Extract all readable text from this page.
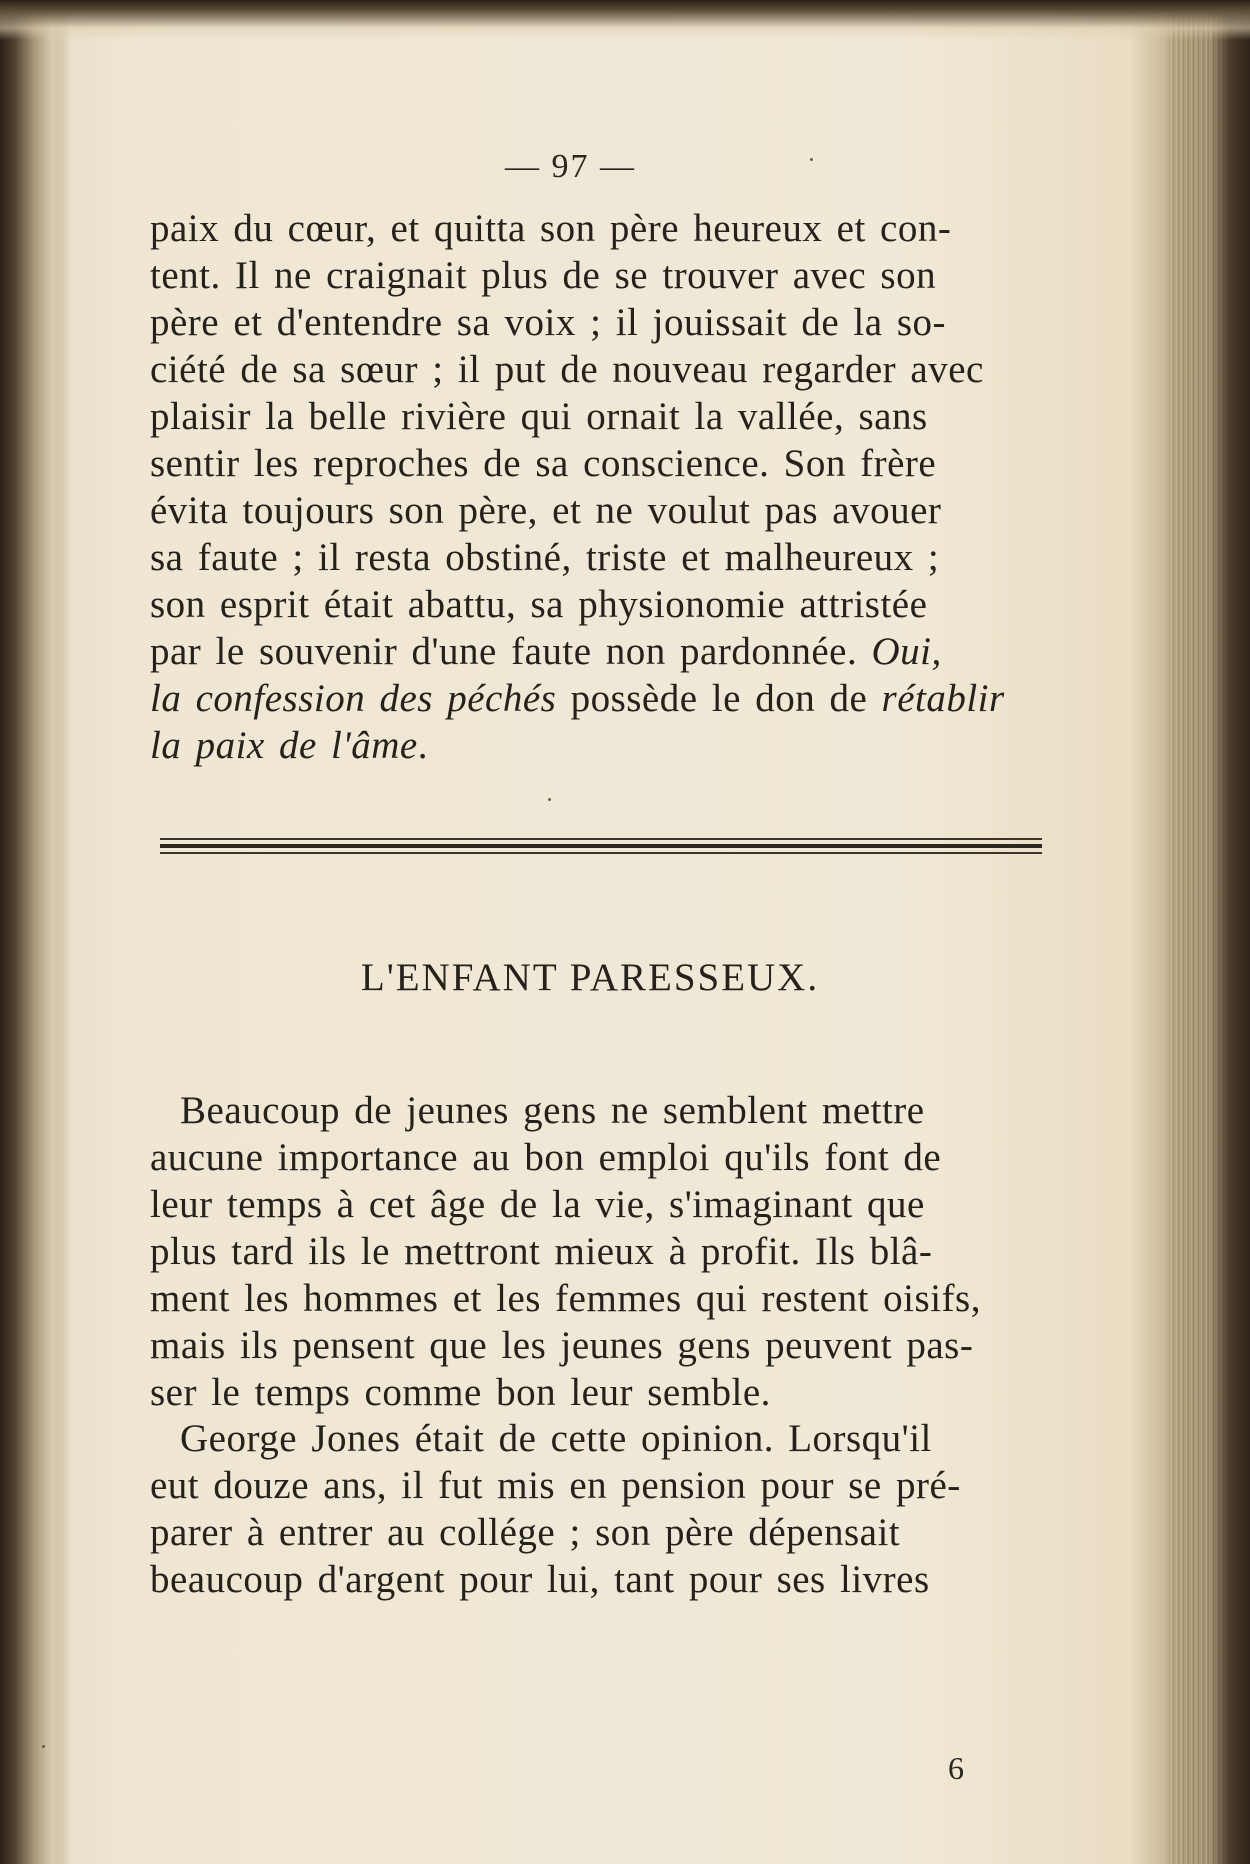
— 97 —
paix du cœur, et quitta son père heureux et con-
tent. Il ne craignait plus de se trouver avec son
père et d'entendre sa voix ; il jouissait de la so-
ciété de sa sœur ; il put de nouveau regarder avec
plaisir la belle rivière qui ornait la vallée, sans
sentir les reproches de sa conscience. Son frère
évita toujours son père, et ne voulut pas avouer
sa faute ; il resta obstiné, triste et malheureux ;
son esprit était abattu, sa physionomie attristée
par le souvenir d'une faute non pardonnée. Oui,
la confession des péchés possède le don de rétablir
la paix de l'âme.
L'ENFANT PARESSEUX.
Beaucoup de jeunes gens ne semblent mettre
aucune importance au bon emploi qu'ils font de
leur temps à cet âge de la vie, s'imaginant que
plus tard ils le mettront mieux à profit. Ils blâ-
ment les hommes et les femmes qui restent oisifs,
mais ils pensent que les jeunes gens peuvent pas-
ser le temps comme bon leur semble.
George Jones était de cette opinion. Lorsqu'il
eut douze ans, il fut mis en pension pour se pré-
parer à entrer au collége ; son père dépensait
beaucoup d'argent pour lui, tant pour ses livres
6
